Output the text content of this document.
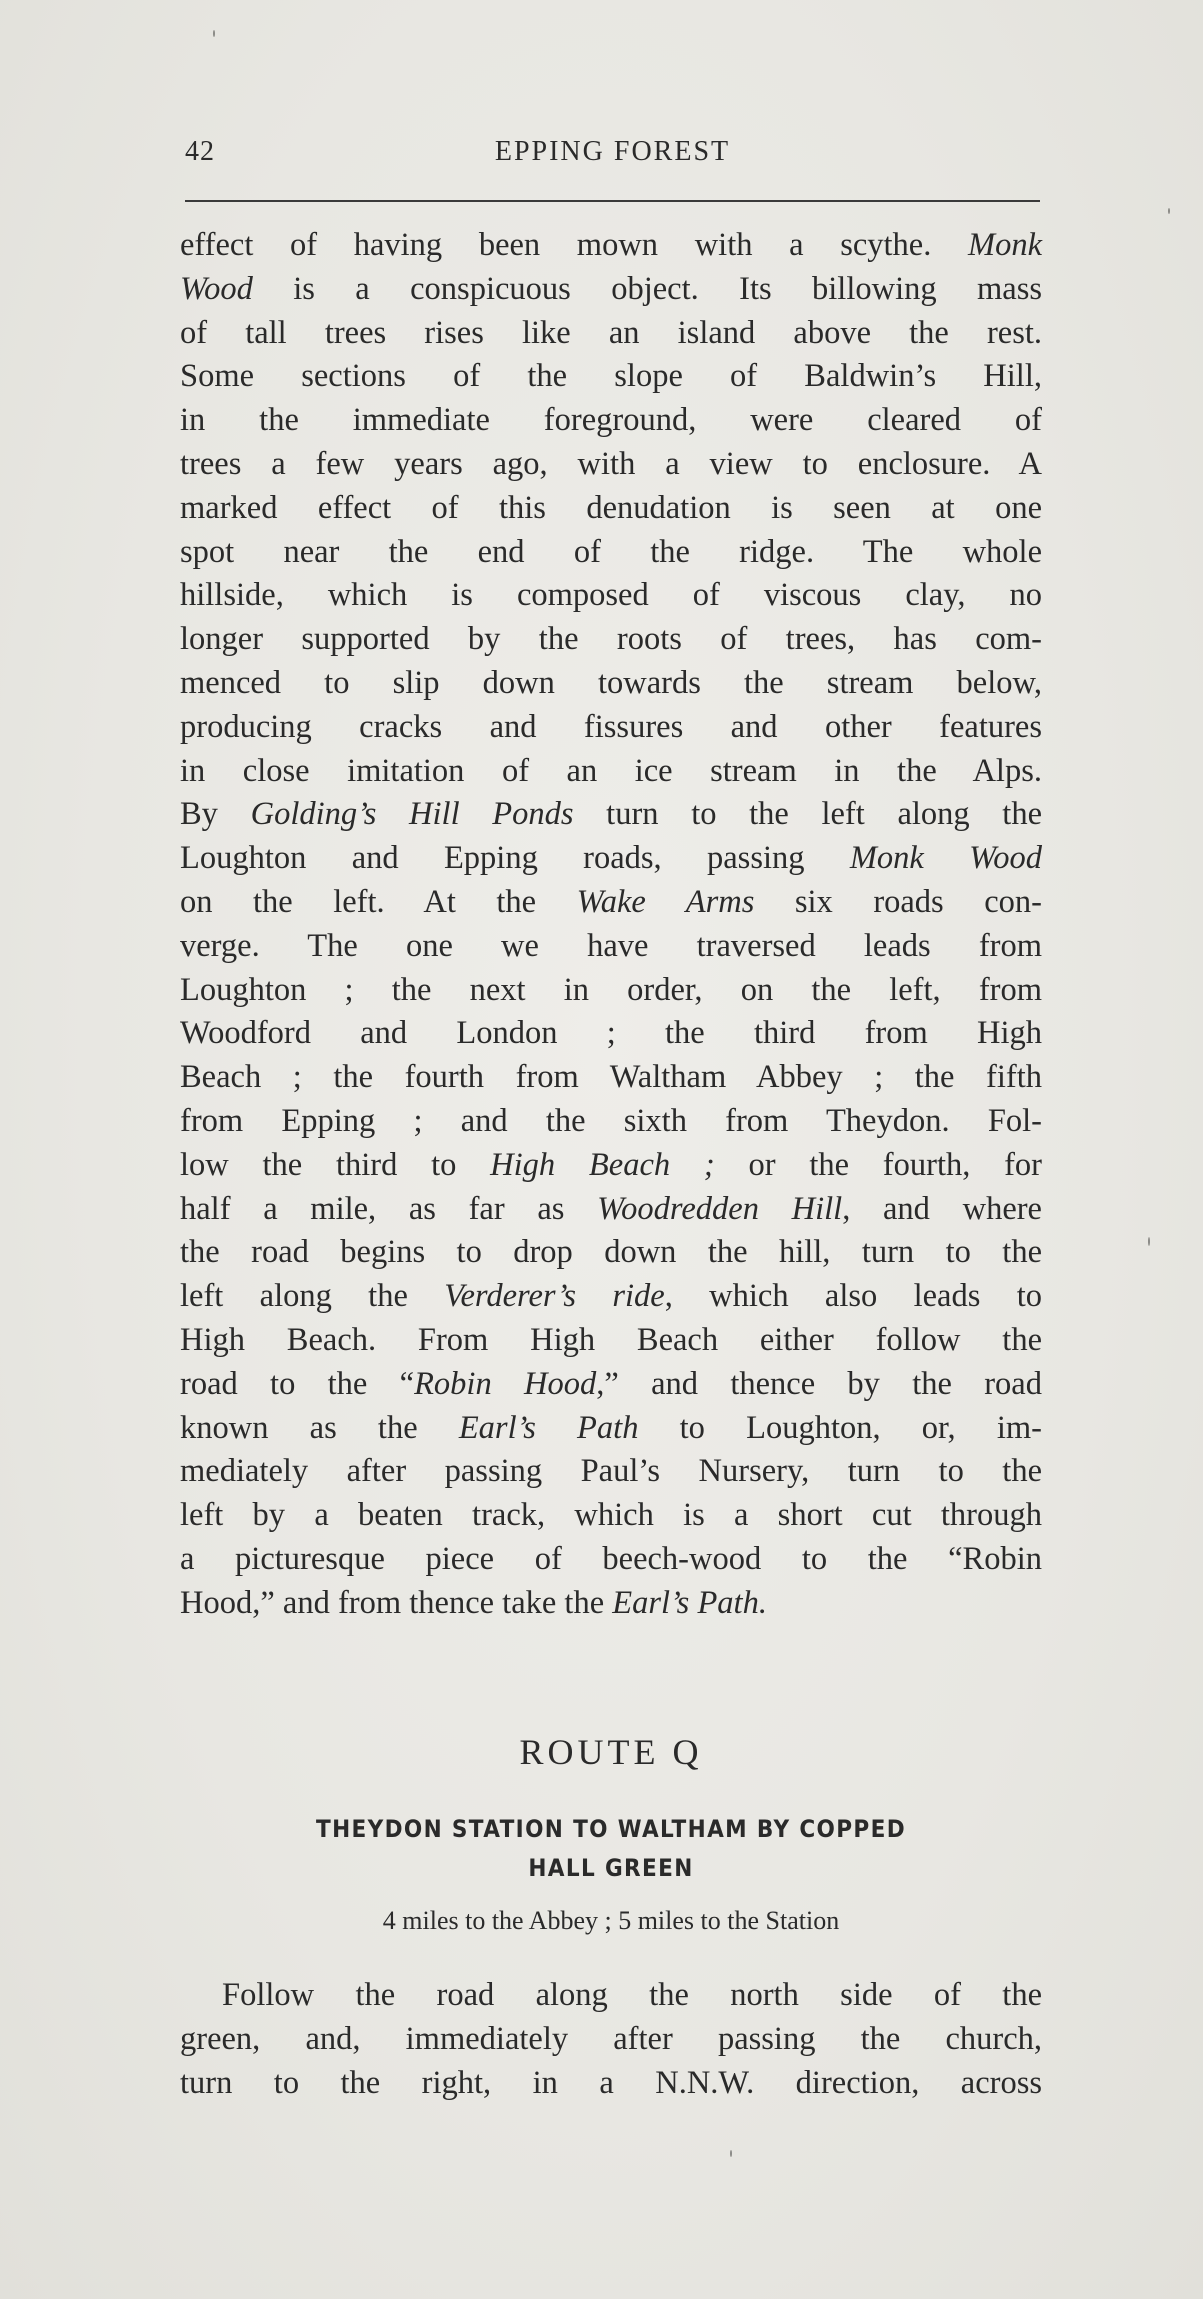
42	EPPING FOREST
effect of having been mown with a scythe. Monk
Wood is a conspicuous object. Its billowing mass
of tall trees rises like an island above the rest.
Some sections of the slope of Baldwin’s Hill,
in the immediate foreground, were cleared of
trees a few years ago, with a view to enclosure. A
marked effect of this denudation is seen at one
spot near the end of the ridge. The whole
hillside, which is composed of viscous clay, no
longer supported by the roots of trees, has com-
menced to slip down towards the stream below,
producing cracks and fissures and other features
in close imitation of an ice stream in the Alps.
By Golding’s Hill Ponds turn to the left along the
Loughton and Epping roads, passing Monk Wood
on the left. At the Wake Arms six roads con-
verge. The one we have traversed leads from
Loughton ; the next in order, on the left, from
Woodford and London ; the third from High
Beach ; the fourth from Waltham Abbey ; the fifth
from Epping ; and the sixth from Theydon. Fol-
low the third to High Beach ; or the fourth, for
half a mile, as far as Woodredden Hill, and where
the road begins to drop down the hill, turn to the
left along the Verderer’s ride, which also leads to
High Beach. From High Beach either follow the
road to the “Robin Hood,” and thence by the road
known as the Earl’s Path to Loughton, or, im-
mediately after passing Paul’s Nursery, turn to the
left by a beaten track, which is a short cut through
a picturesque piece of beech-wood to the “Robin
Hood,” and from thence take the Earl’s Path.
ROUTE Q
THEYDON STATION TO WALTHAM BY COPPED
HALL GREEN
4 miles to the Abbey ; 5 miles to the Station
Follow the road along the north side of the
green, and, immediately after passing the church,
turn to the right, in a N.N.W. direction, across
